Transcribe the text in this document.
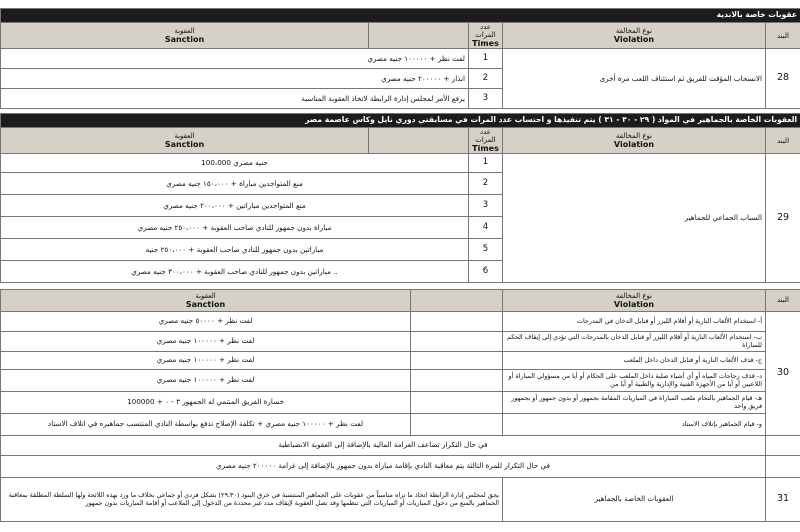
عقوبات خاصة بالاندية				
العقوبة
Sanction		عدد المرات
Times	نوع المخالفة
Violation	البند
لفت نظر + ١٠٠٠٠٠ جنيه مصري		1	الانسحاب المؤقت للفريق ثم استئناف اللعب مرة أخرى	28
انذار + ٢٠٠٠٠٠ جنيه مصري		2		
يرفع الأمر لمجلس إدارة الرابطة لاتخاذ العقوبة المناسبة		3		
العقوبات الخاصة بالجماهير في المواد ( ٢٩ - ٣٠ - ٣١ ) يتم تنفيذها و احتساب عدد المرات في مسابقتي دوري نايل وكاس عاصمة مصر				
العقوبة
Sanction		عدد المرات
Times	نوع المخالفة
Violation	البند
جنيه مصري 100،000		1	السباب الجماعي للجماهير	29
منع المتواجدين مباراة + ١٥٠،٠٠٠ جنيه مصري		2		
منع المتواجدين مباراتين + ٢٠٠،٠٠٠ جنيه مصري		3		
مباراة بدون جمهور للنادي صاحب العقوبة + ٢٥٠،٠٠٠ جنيه مصري		4		
مباراتين بدون جمهور للنادي صاحب العقوبة + ٢٥٠،٠٠٠ جنيه		5		
مباراتين بدون جمهور للنادي صاحب العقوبة + ٣٠٠،٠٠٠ جنيه مصري ..		6		
العقوبة
Sanction		نوع المخالفة
Violation	البند
لفت نظر + ٥٠٠٠٠ جنيه مصري		أ- استخدام الألعاب النارية أو أقلام الليزر أو قنابل الدخان في المدرجات	30
لفت نظر + ١٠٠٠٠٠ جنيه مصري		ب- استخدام الألعاب النارية أو أقلام الليزر أو قنابل الدخان بالمدرجات التي تؤدي إلى إيقاف الحكم للمباراة	
لفت نظر + ١٠٠٠٠٠ جنيه مصري		ج- قذف الألعاب النارية أو قنابل الدخان داخل الملعب	
لفت نظر + ١٠٠٠٠٠ جنيه مصري		د- قذف زجاجات المياه أو أي أشياء صلبة داخل الملعب على الحكام أو أيا من مسؤولي المباراة أو اللاعبين أو أيا من الأجهزة الفنية والإدارية والطبية أو أيا من	
خسارة الفريق المنتمي له الجمهور ٣ - ٠ + 100000		هـ- قيام الجماهير بالتحام ملعب المباراة في المباريات المقامة بجمهور أو بدون جمهور أو بجمهور فريق واحد	
لفت نظر + ١٠٠٠٠٠ جنيه مصري + تكلفة الإصلاح تدفع بواسطة النادي المنتسب جماهيره في اتلاف الاستاد		و- قيام الجماهير بإتلاف الاستاد	
في حال التكرار تضاعف الغرامة المالية بالإضافة إلى العقوبة الانضباطية			
في حال التكرار للمرة الثالثة يتم معاقبة النادي بإقامة مباراة بدون جمهور بالإضافة إلى غرامة ٢٠٠٠٠٠ جنيه مصري			
يحق لمجلس إدارة الرابطة اتخاذ ما تراه مناسباً من عقوبات على الجماهير المنتسبة في خرق البنود (٢٩،٣٠) بشكل فردي أو جماعي بخلاف ما ورد بهذه اللائحة ولها السلطة المطلقة بمعاقبة الجماهير بالمنع من دخول المباريات أو المباريات التي تنظمها وقد تصل العقوبة لإيقاف مدد غير محددة من الدخول إلى الملاعب أو اقامة المباريات بدون جمهور		العقوبات الخاصة بالجماهير	31
